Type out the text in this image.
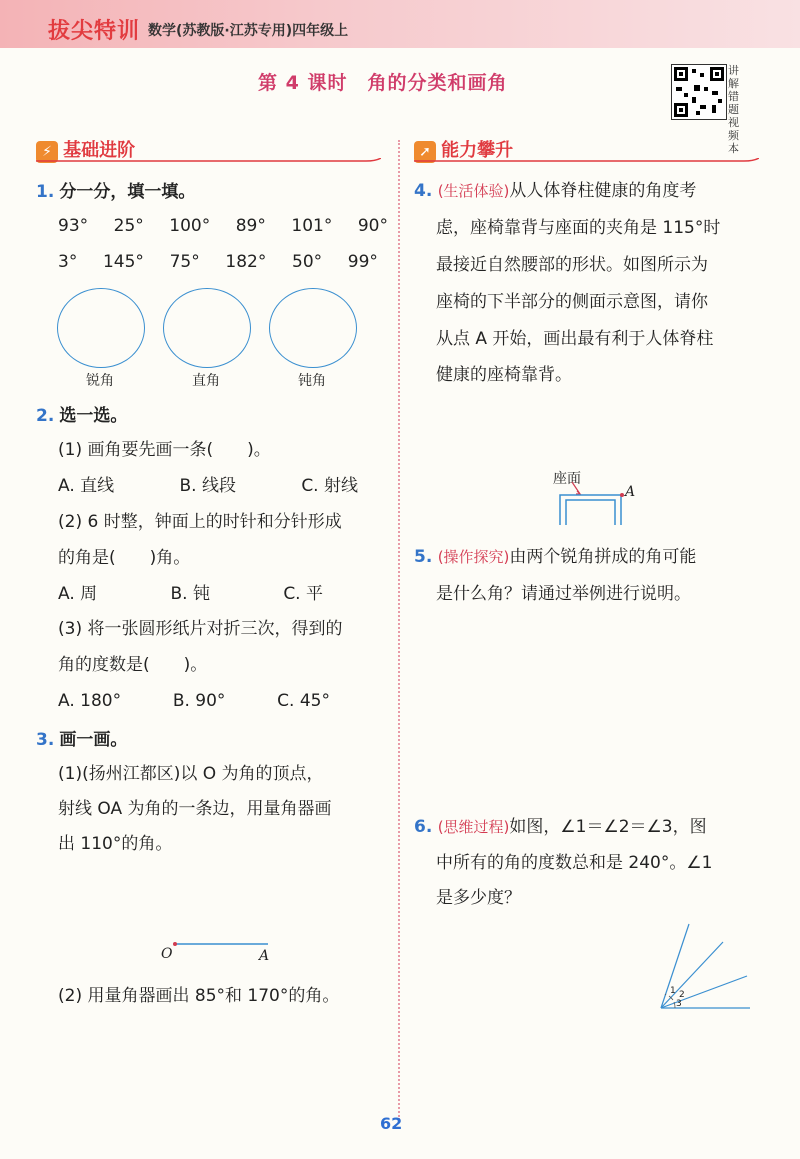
拔尖特训 数学(苏教版·江苏专用)四年级上
第 4 课时　角的分类和画角
讲解错题视频本
⚡ 基础进阶
1. 分一分，填一填。
93° 25° 100° 89° 101° 90°
3° 145° 75° 182° 50° 99°
锐角	直角	钝角
2. 选一选。
(1) 画角要先画一条(　　)。
A. 直线	B. 线段	C. 射线
(2) 6 时整，钟面上的时针和分针形成
的角是(　　)角。
A. 周	B. 钝	C. 平
(3) 将一张圆形纸片对折三次，得到的
角的度数是(　　)。
A. 180°	B. 90°	C. 45°
3. 画一画。
(1)(扬州江都区)以 O 为角的顶点，
射线 OA 为角的一条边，用量角器画
出 110°的角。
O	A
(2) 用量角器画出 85°和 170°的角。
➚ 能力攀升
4. (生活体验)从人体脊柱健康的角度考
虑，座椅靠背与座面的夹角是 115°时
最接近自然腰部的形状。如图所示为
座椅的下半部分的侧面示意图，请你
从点 A 开始，画出最有利于人体脊柱
健康的座椅靠背。
座面
A
5. (操作探究)由两个锐角拼成的角可能
是什么角？请通过举例进行说明。
6. (思维过程)如图，∠1＝∠2＝∠3，图
中所有的角的度数总和是 240°。∠1
是多少度？
1 2
3
62
